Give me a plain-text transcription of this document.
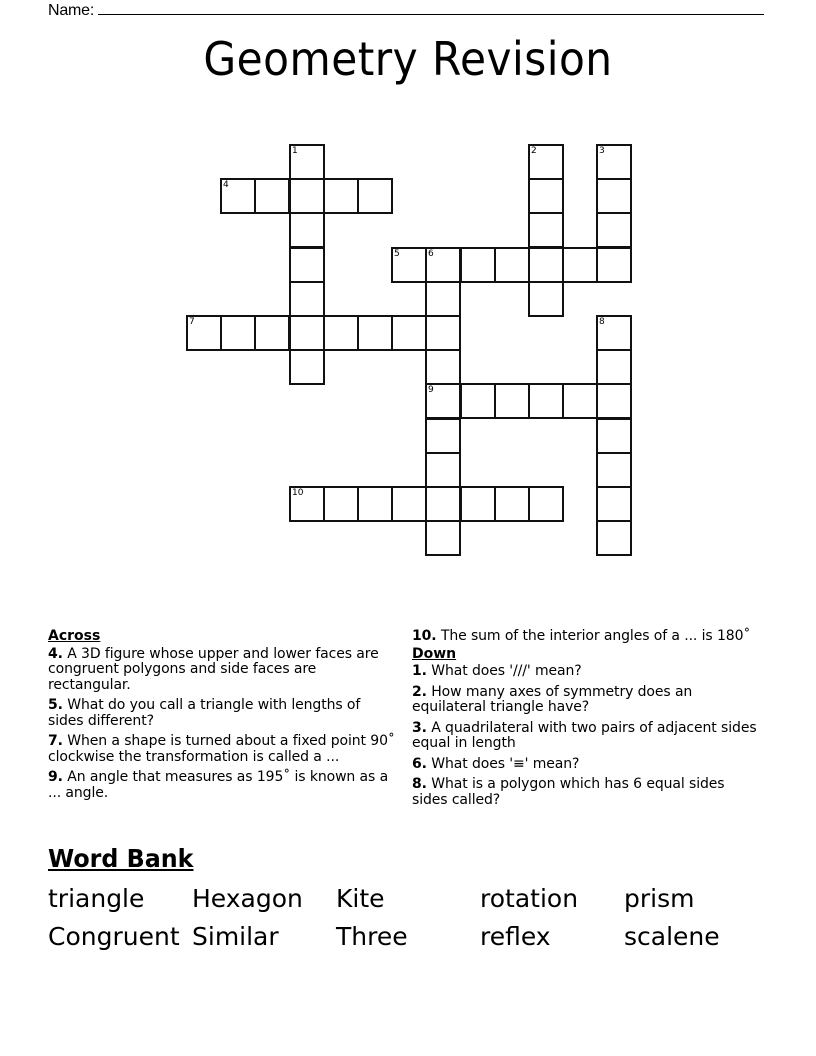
Name:
Geometry Revision
1	2	3
4
5	6
9
7	8
10
Across
4. A 3D figure whose upper and lower faces are congruent polygons and side faces are rectangular.
5. What do you call a triangle with lengths of sides different?
7. When a shape is turned about a fixed point 90˚ clockwise the transformation is called a ...
9. An angle that measures as 195˚ is known as a ... angle.
10. The sum of the interior angles of a ... is 180˚
Down
1. What does '///' mean?
2. How many axes of symmetry does an equilateral triangle have?
3. A quadrilateral with two pairs of adjacent sides equal in length
6. What does '≡' mean?
8. What is a polygon which has 6 equal sides sides called?
Word Bank
triangle	Hexagon	Kite	rotation	prism
Congruent Similar	Three	reflex	scalene
